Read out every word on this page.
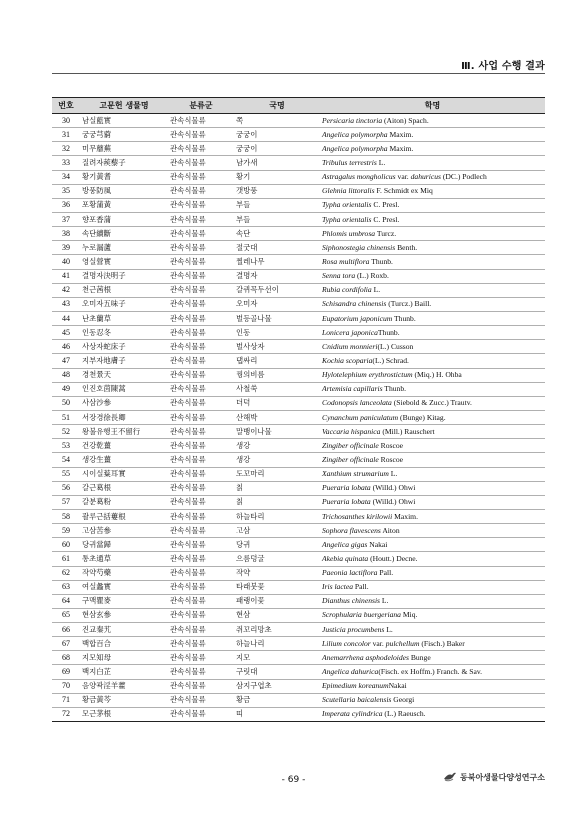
Ⅲ. 사업 수행 결과
번호	고문헌 생물명	분류군	국명	학명
30	남실藍實	관속식물류	쪽	Persicaria tinctoria (Aiton) Spach.
31	궁궁芎藭	관속식물류	궁궁이	Angelica polymorpha Maxim.
32	미무蘼蕪	관속식물류	궁궁이	Angelica polymorpha Maxim.
33	질려자蒺藜子	관속식물류	남가새	Tribulus terrestris L.
34	황기黃耆	관속식물류	황기	Astragalus mongholicus var. dahuricus (DC.) Podlech
35	방풍防風	관속식물류	갯방풍	Glehnia littoralis F. Schmidt ex Miq
36	포황蒲黃	관속식물류	부들	Typha orientalis C. Presl.
37	향포香蒲	관속식물류	부들	Typha orientalis C. Presl.
38	속단續斷	관속식물류	속단	Phlomis umbrosa Turcz.
39	누로漏蘆	관속식물류	절굿대	Siphonostegia chinensis Benth.
40	영실營實	관속식물류	찔레나무	Rosa multiflora Thunb.
41	결명자決明子	관속식물류	결명자	Senna tora (L.) Roxb.
42	천근茜根	관속식물류	갈퀴꼭두선이	Rubia cordifolia L.
43	오미자五味子	관속식물류	오미자	Schisandra chinensis (Turcz.) Baill.
44	난초蘭草	관속식물류	벌등골나물	Eupatorium japonicum Thunb.
45	인동忍冬	관속식물류	인동	Lonicera japonicaThunb.
46	사상자蛇床子	관속식물류	벌사상자	Cnidium monnieri(L.) Cusson
47	지부자地膚子	관속식물류	댑싸리	Kochia scoparia(L.) Schrad.
48	경천景天	관속식물류	꿩의비름	Hylotelephium erythrostictum (Miq.) H. Ohba
49	인진호茵陳蒿	관속식물류	사철쑥	Artemisia capillaris Thunb.
50	사삼沙參	관속식물류	더덕	Codonopsis lanceolata (Siebold & Zucc.) Trautv.
51	서장경徐長卿	관속식물류	산해박	Cynanchum paniculatum (Bunge) Kitag.
52	왕불유행王不留行	관속식물류	말뱅이나물	Vaccaria hispanica (Mill.) Rauschert
53	건강乾薑	관속식물류	생강	Zingiber officinale Roscoe
54	생강生薑	관속식물류	생강	Zingiber officinale Roscoe
55	시이실葈耳實	관속식물류	도꼬마리	Xanthium strumarium L.
56	갈근葛根	관속식물류	칡	Pueraria lobata (Willd.) Ohwi
57	갈분葛粉	관속식물류	칡	Pueraria lobata (Willd.) Ohwi
58	괄루근括蔞根	관속식물류	하늘타리	Trichosanthes kirilowii Maxim.
59	고삼苦參	관속식물류	고삼	Sophora flavescens Aiton
60	당귀當歸	관속식물류	당귀	Angelica gigas Nakai
61	통초通草	관속식물류	으름덩굴	Akebia quinata (Houtt.) Decne.
62	작약芍藥	관속식물류	작약	Paeonia lactiflora Pall.
63	여실蠡實	관속식물류	타래붓꽃	Iris lactea Pall.
64	구맥瞿麥	관속식물류	패랭이꽃	Dianthus chinensis L.
65	현삼玄參	관속식물류	현삼	Scrophularia buergeriana Miq.
66	진교秦艽	관속식물류	쥐꼬리망초	Justicia procumbens L.
67	백합百合	관속식물류	하늘나리	Lilium concolor var. pulchellum (Fisch.) Baker
68	지모知母	관속식물류	지모	Anemarrhena asphodeloides Bunge
69	백지白芷	관속식물류	구릿대	Angelica dahurica(Fisch. ex Hoffm.) Franch. & Sav.
70	음양곽淫羊藿	관속식물류	삼지구엽초	Epimedium koreanumNakai
71	황금黃芩	관속식물류	황금	Scutellaria baicalensis Georgi
72	모근茅根	관속식물류	띠	Imperata cylindrica (L.) Raeusch.
- 69 -	동북아생물다양성연구소
